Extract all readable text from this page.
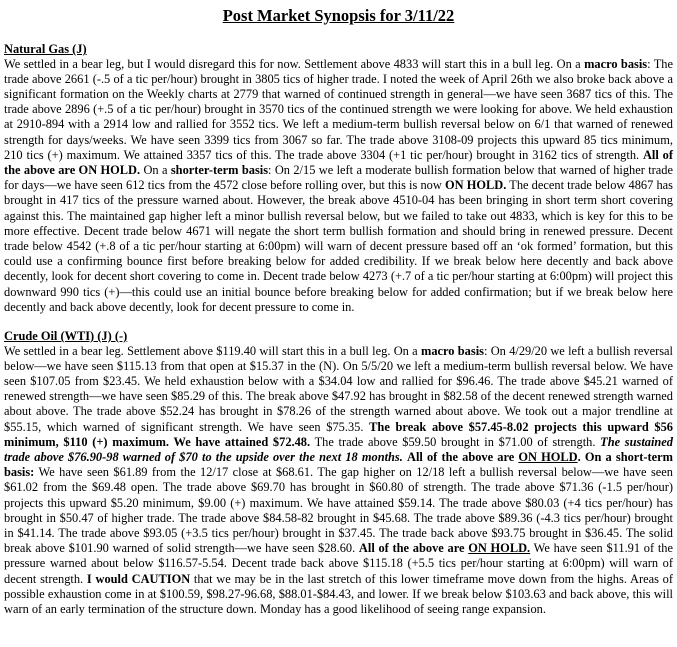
Post Market Synopsis for 3/11/22
Natural Gas (J)

We settled in a bear leg, but I would disregard this for now. Settlement above 4833 will start this in a bull leg. On a macro basis: The trade above 2661 (-.5 of a tic per/hour) brought in 3805 tics of higher trade. I noted the week of April 26th we also broke back above a significant formation on the Weekly charts at 2779 that warned of continued strength in general—we have seen 3687 tics of this. The trade above 2896 (+.5 of a tic per/hour) brought in 3570 tics of the continued strength we were looking for above. We held exhaustion at 2910-894 with a 2914 low and rallied for 3552 tics. We left a medium-term bullish reversal below on 6/1 that warned of renewed strength for days/weeks. We have seen 3399 tics from 3067 so far. The trade above 3108-09 projects this upward 85 tics minimum, 210 tics (+) maximum. We attained 3357 tics of this. The trade above 3304 (+1 tic per/hour) brought in 3162 tics of strength. All of the above are ON HOLD. On a shorter-term basis: On 2/15 we left a moderate bullish formation below that warned of higher trade for days—we have seen 612 tics from the 4572 close before rolling over, but this is now ON HOLD. The decent trade below 4867 has brought in 417 tics of the pressure warned about. However, the break above 4510-04 has been bringing in short term short covering against this. The maintained gap higher left a minor bullish reversal below, but we failed to take out 4833, which is key for this to be more effective. Decent trade below 4671 will negate the short term bullish formation and should bring in renewed pressure. Decent trade below 4542 (+.8 of a tic per/hour starting at 6:00pm) will warn of decent pressure based off an ‘ok formed’ formation, but this could use a confirming bounce first before breaking below for added credibility. If we break below here decently and back above decently, look for decent short covering to come in. Decent trade below 4273 (+.7 of a tic per/hour starting at 6:00pm) will project this downward 990 tics (+)—this could use an initial bounce before breaking below for added confirmation; but if we break below here decently and back above decently, look for decent pressure to come in.

Crude Oil (WTI) (J) (-)

We settled in a bear leg. Settlement above $119.40 will start this in a bull leg. On a macro basis: On 4/29/20 we left a bullish reversal below—we have seen $115.13 from that open at $15.37 in the (N). On 5/5/20 we left a medium-term bullish reversal below. We have seen $107.05 from $23.45. We held exhaustion below with a $34.04 low and rallied for $96.46. The trade above $45.21 warned of renewed strength—we have seen $85.29 of this. The break above $47.92 has brought in $82.58 of the decent renewed strength warned about above. The trade above $52.24 has brought in $78.26 of the strength warned about above. We took out a major trendline at $55.15, which warned of significant strength. We have seen $75.35. The break above $57.45-8.02 projects this upward $56 minimum, $110 (+) maximum. We have attained $72.48. The trade above $59.50 brought in $71.00 of strength. The sustained trade above $76.90-98 warned of $70 to the upside over the next 18 months. All of the above are ON HOLD. On a short-term basis: We have seen $61.89 from the 12/17 close at $68.61. The gap higher on 12/18 left a bullish reversal below—we have seen $61.02 from the $69.48 open. The trade above $69.70 has brought in $60.80 of strength. The trade above $71.36 (-1.5 per/hour) projects this upward $5.20 minimum, $9.00 (+) maximum. We have attained $59.14. The trade above $80.03 (+4 tics per/hour) has brought in $50.47 of higher trade. The trade above $84.58-82 brought in $45.68. The trade above $89.36 (-4.3 tics per/hour) brought in $41.14. The trade above $93.05 (+3.5 tics per/hour) brought in $37.45. The trade back above $93.75 brought in $36.45. The solid break above $101.90 warned of solid strength—we have seen $28.60. All of the above are ON HOLD. We have seen $11.91 of the pressure warned about below $116.57-5.54. Decent trade back above $115.18 (+5.5 tics per/hour starting at 6:00pm) will warn of decent strength. I would CAUTION that we may be in the last stretch of this lower timeframe move down from the highs. Areas of possible exhaustion come in at $100.59, $98.27-96.68, $88.01-$84.43, and lower. If we break below $103.63 and back above, this will warn of an early termination of the structure down. Monday has a good likelihood of seeing range expansion.
